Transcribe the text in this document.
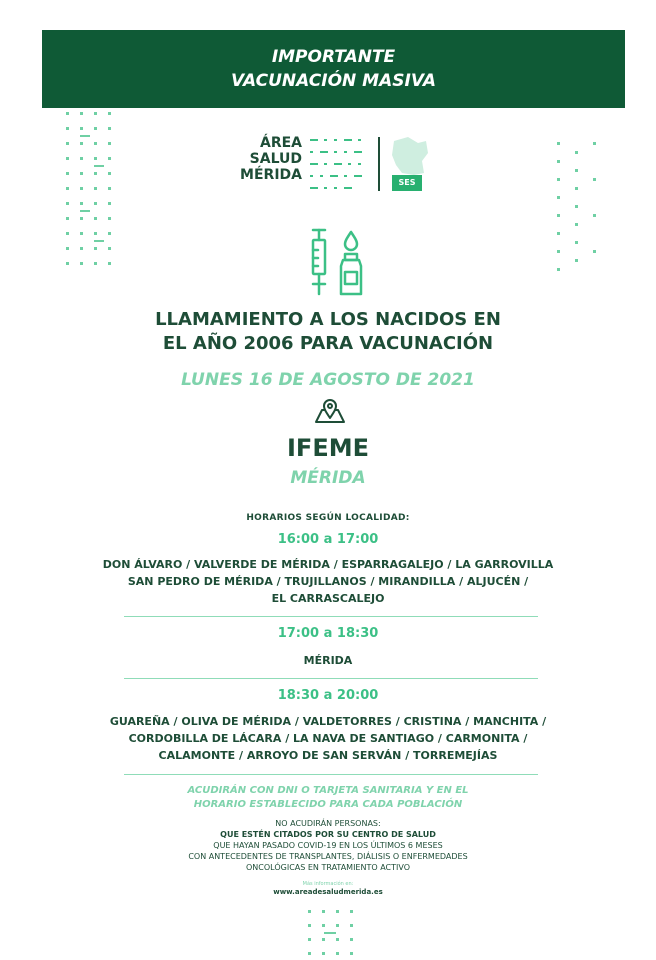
IMPORTANTE
VACUNACIÓN MASIVA
ÁREA
SALUD
MÉRIDA	SES
LLAMAMIENTO A LOS NACIDOS EN
EL AÑO 2006 PARA VACUNACIÓN
LUNES 16 DE AGOSTO DE 2021
IFEME
MÉRIDA
HORARIOS SEGÚN LOCALIDAD:
16:00 a 17:00
DON ÁLVARO / VALVERDE DE MÉRIDA / ESPARRAGALEJO / LA GARROVILLA
SAN PEDRO DE MÉRIDA / TRUJILLANOS / MIRANDILLA / ALJUCÉN /
EL CARRASCALEJO
17:00 a 18:30
MÉRIDA
18:30 a 20:00
GUAREÑA / OLIVA DE MÉRIDA / VALDETORRES / CRISTINA / MANCHITA /
CORDOBILLA DE LÁCARA / LA NAVA DE SANTIAGO / CARMONITA /
CALAMONTE / ARROYO DE SAN SERVÁN / TORREMEJÍAS
ACUDIRÁN CON DNI O TARJETA SANITARIA Y EN EL
HORARIO ESTABLECIDO PARA CADA POBLACIÓN
NO ACUDIRÁN PERSONAS:
QUE ESTÉN CITADOS POR SU CENTRO DE SALUD
QUE HAYAN PASADO COVID-19 EN LOS ÚLTIMOS 6 MESES
CON ANTECEDENTES DE TRANSPLANTES, DIÁLISIS O ENFERMEDADES
ONCOLÓGICAS EN TRATAMIENTO ACTIVO
Más información en:
www.areadesaludmerida.es
